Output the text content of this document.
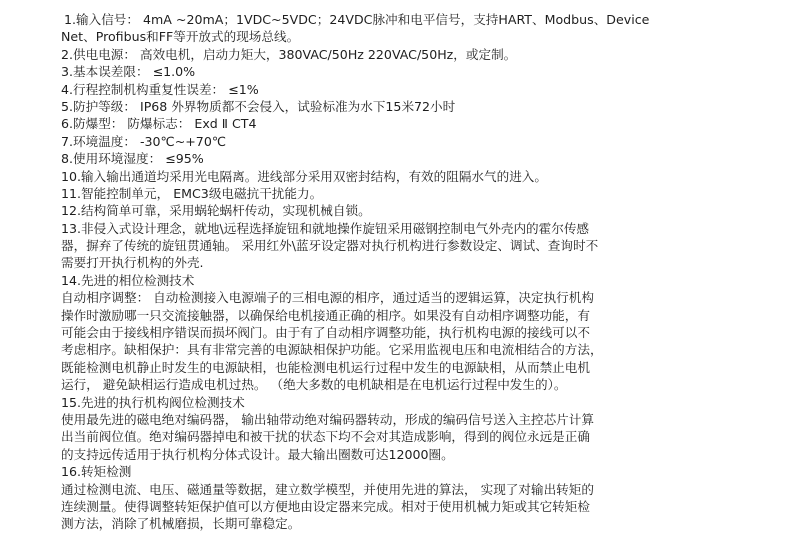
1.输入信号： 4mA ~20mA；1VDC~5VDC；24VDC脉冲和电平信号，支持HART、Modbus、Device
Net、Profibus和FF等开放式的现场总线。
2.供电电源： 高效电机，启动力矩大，380VAC/50Hz 220VAC/50Hz，或定制。
3.基本误差限： ≤1.0%
4.行程控制机构重复性误差： ≤1%
5.防护等级： IP68 外界物质都不会侵入，试验标准为水下15米72小时
6.防爆型： 防爆标志： Exd Ⅱ CT4
7.环境温度： -30℃~+70℃
8.使用环境湿度： ≤95%
10.输入输出通道均采用光电隔离。进线部分采用双密封结构，有效的阻隔水气的进入。
11.智能控制单元， EMC3级电磁抗干扰能力。
12.结构简单可靠，采用蜗轮蜗杆传动，实现机械自锁。
13.非侵入式设计理念，就地\远程选择旋钮和就地操作旋钮采用磁钢控制电气外壳内的霍尔传感
器，摒弃了传统的旋钮贯通轴。 采用红外\蓝牙设定器对执行机构进行参数设定、调试、查询时不
需要打开执行机构的外壳.
14.先进的相位检测技术
自动相序调整： 自动检测接入电源端子的三相电源的相序，通过适当的逻辑运算，决定执行机构
操作时激励哪一只交流接触器，以确保给电机接通正确的相序。如果没有自动相序调整功能，有
可能会由于接线相序错误而损坏阀门。由于有了自动相序调整功能，执行机构电源的接线可以不
考虑相序。缺相保护：具有非常完善的电源缺相保护功能。它采用监视电压和电流相结合的方法，
既能检测电机静止时发生的电源缺相，也能检测电机运行过程中发生的电源缺相，从而禁止电机
运行， 避免缺相运行造成电机过热。 （绝大多数的电机缺相是在电机运行过程中发生的）。
15.先进的执行机构阀位检测技术
使用最先进的磁电绝对编码器， 输出轴带动绝对编码器转动，形成的编码信号送入主控芯片计算
出当前阀位值。绝对编码器掉电和被干扰的状态下均不会对其造成影响，得到的阀位永远是正确
的支持远传适用于执行机构分体式设计。最大输出圈数可达12000圈。
16.转矩检测
通过检测电流、电压、磁通量等数据，建立数学模型，并使用先进的算法， 实现了对输出转矩的
连续测量。使得调整转矩保护值可以方便地由设定器来完成。相对于使用机械力矩或其它转矩检
测方法，消除了机械磨损，长期可靠稳定。
